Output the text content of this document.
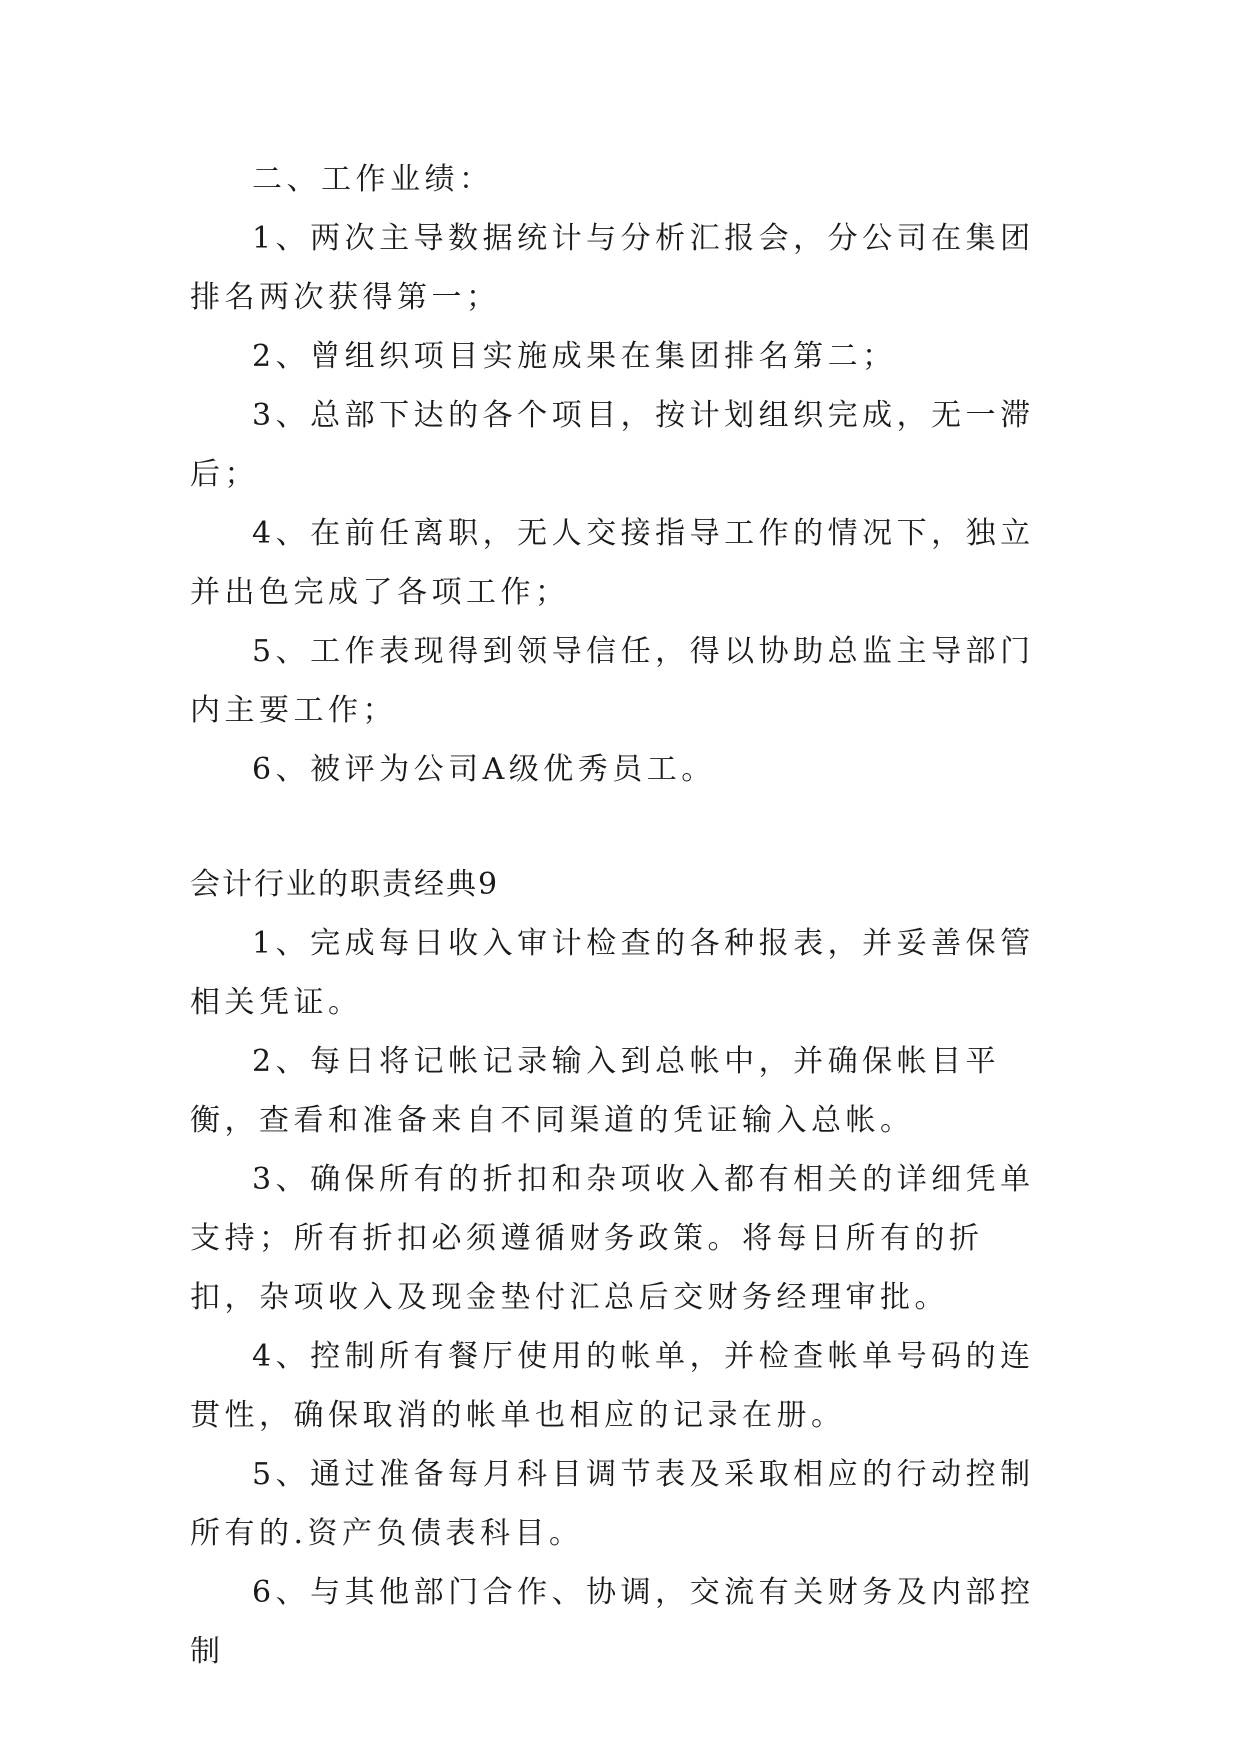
二、工作业绩：

1、两次主导数据统计与分析汇报会，分公司在集团排名两次获得第一；

2、曾组织项目实施成果在集团排名第二；

3、总部下达的各个项目，按计划组织完成，无一滞后；

4、在前任离职，无人交接指导工作的情况下，独立并出色完成了各项工作；

5、工作表现得到领导信任，得以协助总监主导部门内主要工作；

6、被评为公司A级优秀员工。

会计行业的职责经典9

1、完成每日收入审计检查的各种报表，并妥善保管相关凭证。

2、每日将记帐记录输入到总帐中，并确保帐目平衡，查看和准备来自不同渠道的凭证输入总帐。

3、确保所有的折扣和杂项收入都有相关的详细凭单支持；所有折扣必须遵循财务政策。将每日所有的折扣，杂项收入及现金垫付汇总后交财务经理审批。

4、控制所有餐厅使用的帐单，并检查帐单号码的连贯性，确保取消的帐单也相应的记录在册。

5、通过准备每月科目调节表及采取相应的行动控制所有的.资产负债表科目。

6、与其他部门合作、协调，交流有关财务及内部控制
